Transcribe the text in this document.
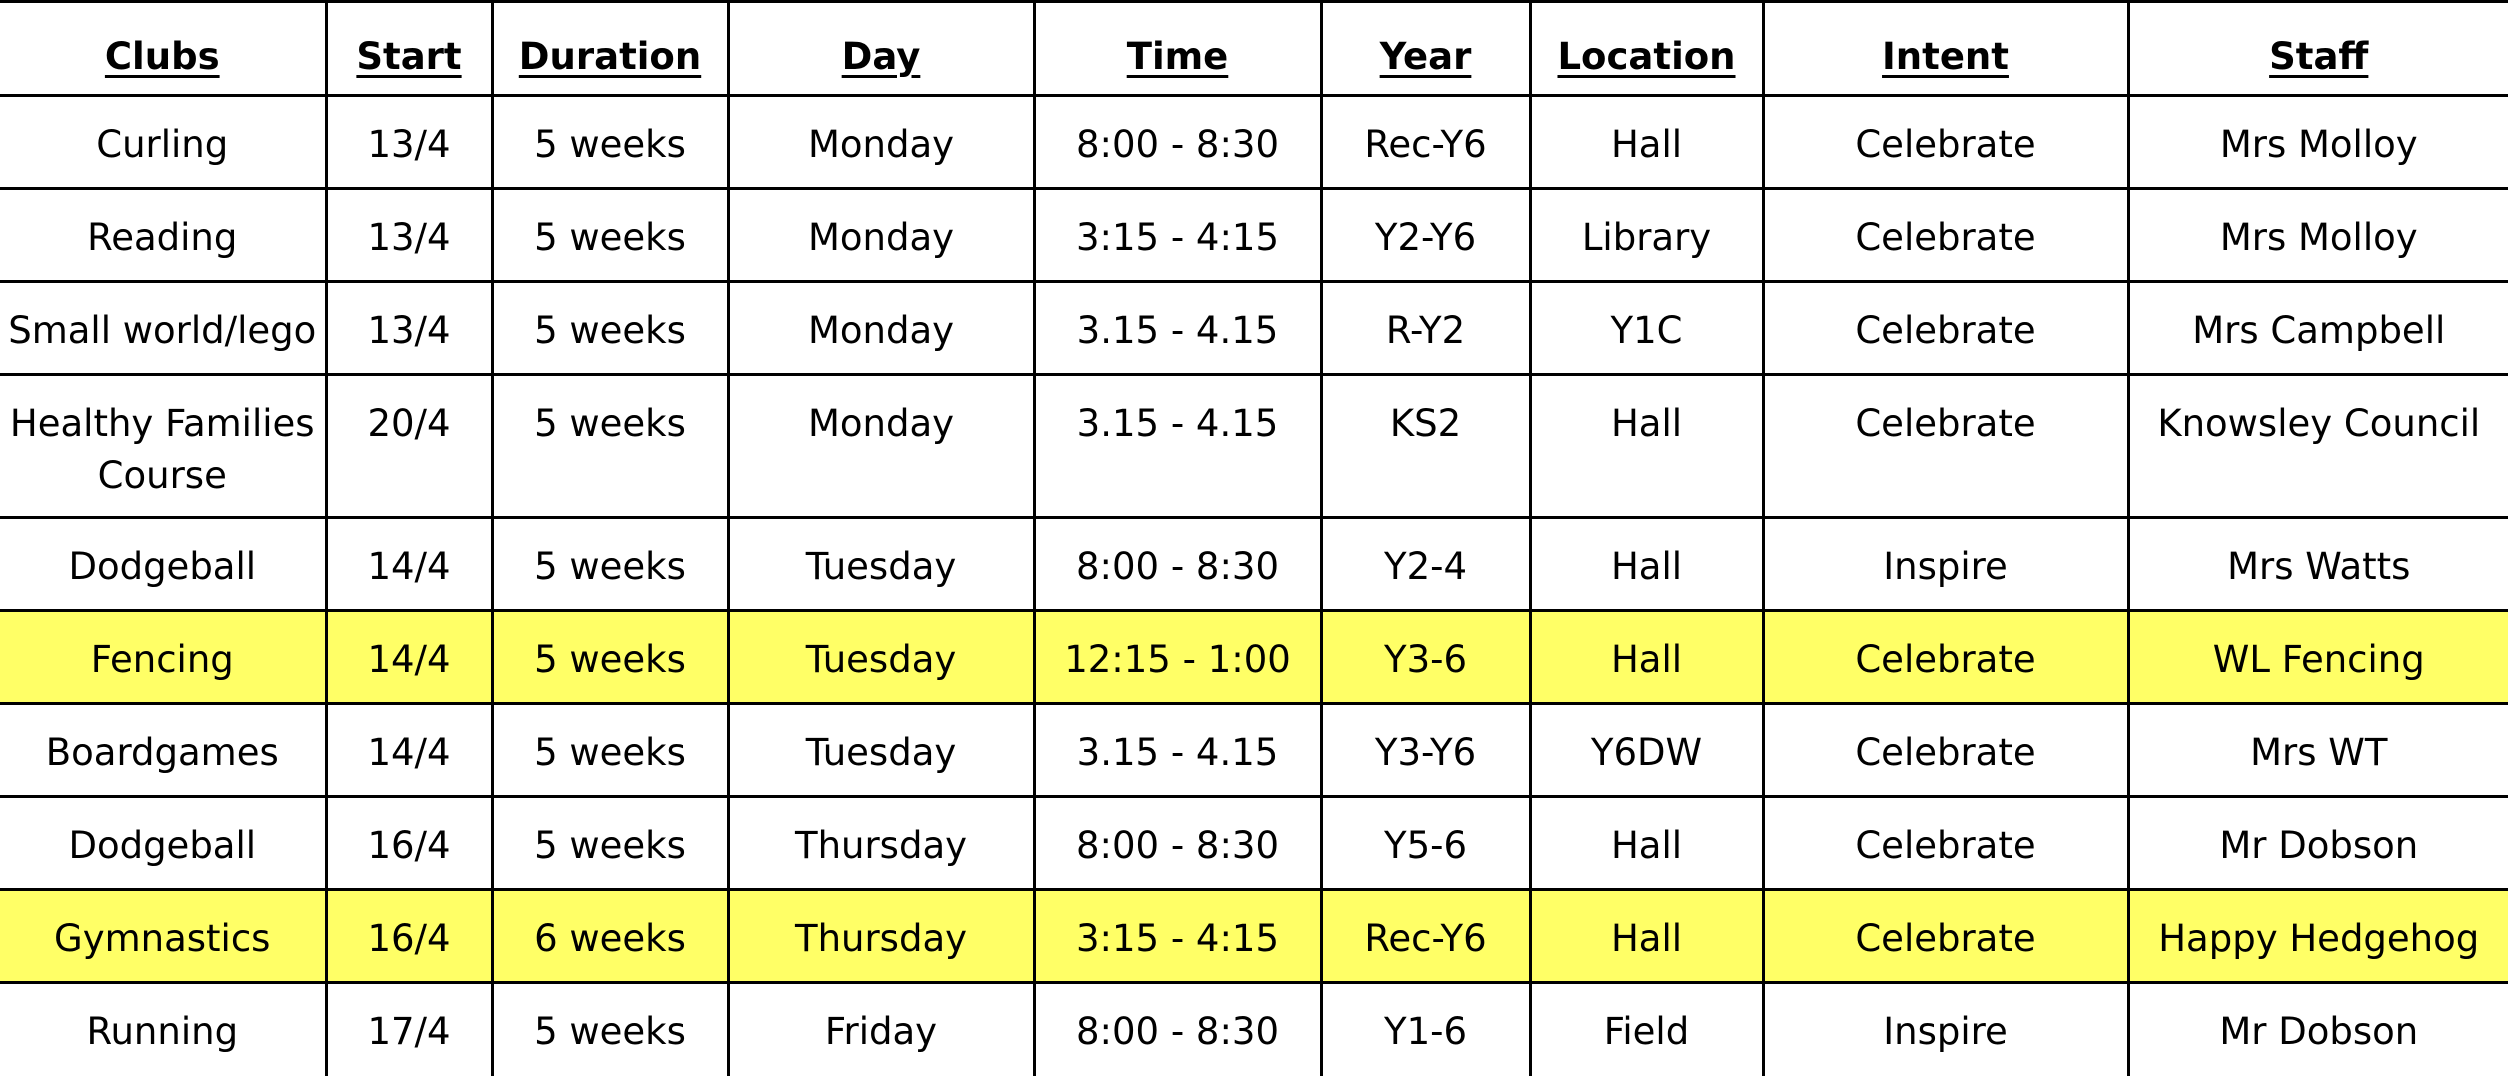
Clubs	Start	Duration	Day	Time	Year	Location	Intent	Staff
Curling	13/4	5 weeks	Monday	8:00 - 8:30	Rec-Y6	Hall	Celebrate	Mrs Molloy
Reading	13/4	5 weeks	Monday	3:15 - 4:15	Y2-Y6	Library	Celebrate	Mrs Molloy
Small world/lego	13/4	5 weeks	Monday	3.15 - 4.15	R-Y2	Y1C	Celebrate	Mrs Campbell
Healthy Families Course	20/4	5 weeks	Monday	3.15 - 4.15	KS2	Hall	Celebrate	Knowsley Council
Dodgeball	14/4	5 weeks	Tuesday	8:00 - 8:30	Y2-4	Hall	Inspire	Mrs Watts
Fencing	14/4	5 weeks	Tuesday	12:15 - 1:00	Y3-6	Hall	Celebrate	WL Fencing
Boardgames	14/4	5 weeks	Tuesday	3.15 - 4.15	Y3-Y6	Y6DW	Celebrate	Mrs WT
Dodgeball	16/4	5 weeks	Thursday	8:00 - 8:30	Y5-6	Hall	Celebrate	Mr Dobson
Gymnastics	16/4	6 weeks	Thursday	3:15 - 4:15	Rec-Y6	Hall	Celebrate	Happy Hedgehog
Running	17/4	5 weeks	Friday	8:00 - 8:30	Y1-6	Field	Inspire	Mr Dobson
